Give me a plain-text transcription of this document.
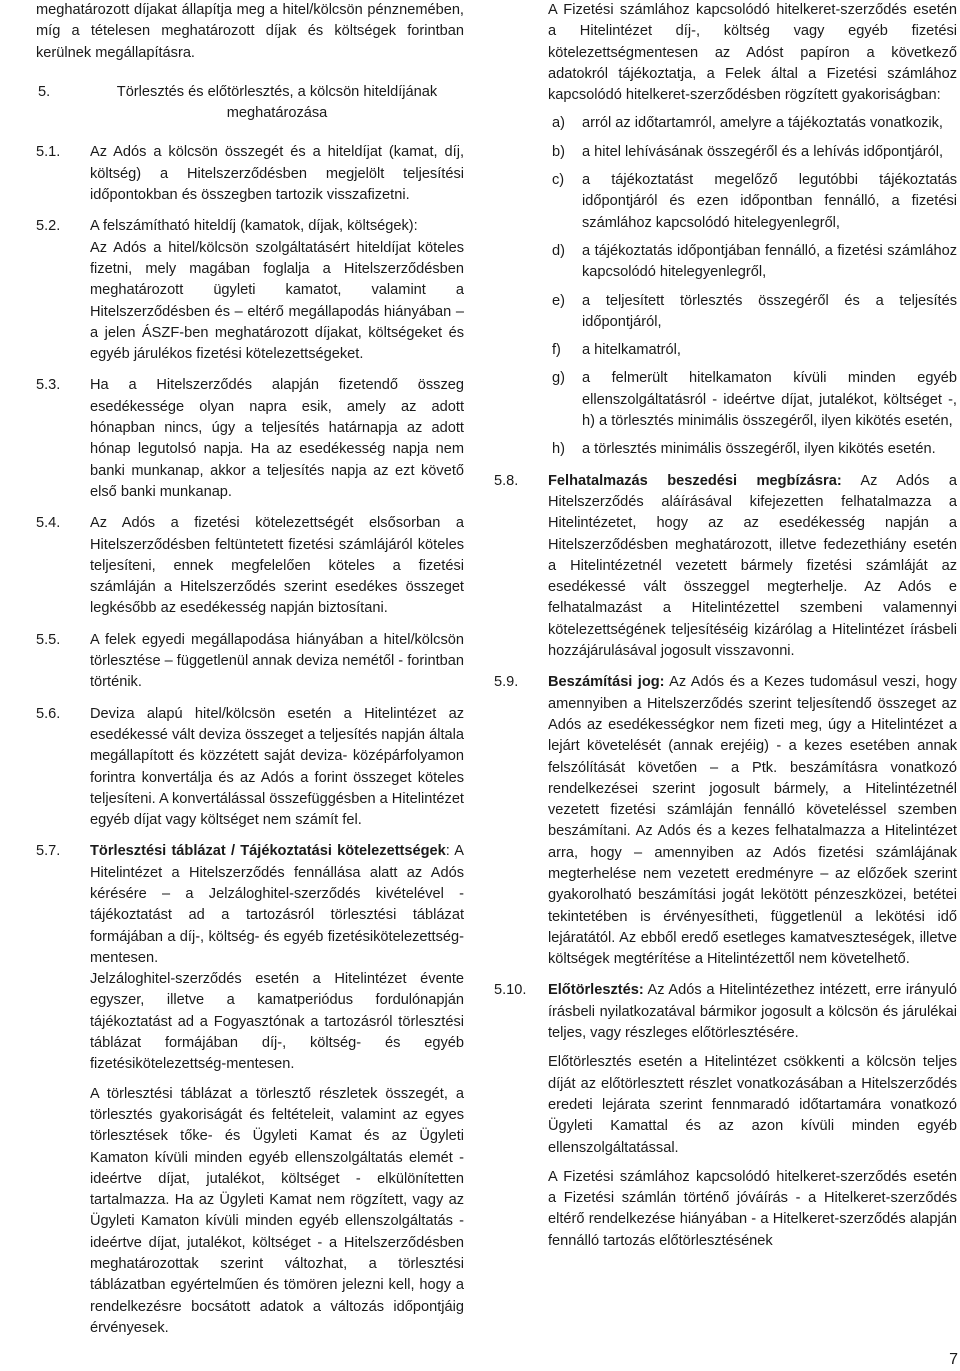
meghatározott díjakat állapítja meg a hitel/kölcsön pénznemében, míg a tételesen meghatározott díjak és költségek forintban kerülnek megállapításra.

5.	Törlesztés és előtörlesztés, a kölcsön hiteldíjának
meghatározása
5.1. Az Adós a kölcsön összegét és a hiteldíjat (kamat, díj, költség) a Hitelszerződésben megjelölt teljesítési időpontokban és összegben tartozik visszafizetni.

5.2. A felszámítható hiteldíj (kamatok, díjak, költségek):

Az Adós a hitel/kölcsön szolgáltatásért hiteldíjat köteles fizetni, mely magában foglalja a Hitelszerződésben meghatározott ügyleti kamatot, valamint a Hitelszerződésben és – eltérő megállapodás hiányában – a jelen ÁSZF-ben meghatározott díjakat, költségeket és egyéb járulékos fizetési kötelezettségeket.

5.3. Ha a Hitelszerződés alapján fizetendő összeg esedékessége olyan napra esik, amely az adott hónapban nincs, úgy a teljesítés határnapja az adott hónap legutolsó napja. Ha az esedékesség napja nem banki munkanap, akkor a teljesítés napja az ezt követő első banki munkanap.

5.4. Az Adós a fizetési kötelezettségét elsősorban a Hitelszerződésben feltüntetett fizetési számlájáról köteles teljesíteni, ennek megfelelően köteles a fizetési számláján a Hitelszerződés szerint esedékes összeget legkésőbb az esedékesség napján biztosítani.

5.5. A felek egyedi megállapodása hiányában a hitel/kölcsön törlesztése – függetlenül annak deviza nemétől - forintban történik.

5.6. Deviza alapú hitel/kölcsön esetén a Hitelintézet az esedékessé vált deviza összeget a teljesítés napján általa megállapított és közzétett saját deviza- középárfolyamon forintra konvertálja és az Adós a forint összeget köteles teljesíteni. A konvertálással összefüggésben a Hitelintézet egyéb díjat vagy költséget nem számít fel.

5.7. Törlesztési táblázat / Tájékoztatási kötelezettségek: A Hitelintézet a Hitelszerződés fennállása alatt az Adós kérésére – a Jelzáloghitel-szerződés kivételével - tájékoztatást ad a tartozásról törlesztési táblázat formájában a díj-, költség- és egyéb fizetésikötelezettség-mentesen.

Jelzáloghitel-szerződés esetén a Hitelintézet évente egyszer, illetve a kamatperiódus fordulónapján tájékoztatást ad a Fogyasztónak a tartozásról törlesztési táblázat formájában díj-, költség- és egyéb fizetésikötelezettség-mentesen.

A törlesztési táblázat a törlesztő részletek összegét, a törlesztés gyakoriságát és feltételeit, valamint az egyes törlesztések tőke- és Ügyleti Kamat és az Ügyleti Kamaton kívüli minden egyéb ellenszolgáltatás elemét - ideértve díjat, jutalékot, költséget - elkülönítetten tartalmazza. Ha az Ügyleti Kamat nem rögzített, vagy az Ügyleti Kamaton kívüli minden egyéb ellenszolgáltatás - ideértve díjat, jutalékot, költséget - a Hitelszerződésben meghatározottak szerint változhat, a törlesztési táblázatban egyértelműen és tömören jelezni kell, hogy a rendelkezésre bocsátott adatok a változás időpontjáig érvényesek.

A Fizetési számlához kapcsolódó hitelkeret-szerződés esetén a Hitelintézet díj-, költség vagy egyéb fizetési kötelezettségmentesen az Adóst papíron a következő adatokról tájékoztatja, a Felek által a Fizetési számlához kapcsolódó hitelkeret-szerződésben rögzített gyakoriságban:

a) arról az időtartamról, amelyre a tájékoztatás vonatkozik,
b) a hitel lehívásának összegéről és a lehívás időpontjáról,
c) a tájékoztatást megelőző legutóbbi tájékoztatás időpontjáról és ezen időpontban fennálló, a fizetési számlához kapcsolódó hitelegyenlegről,
d) a tájékoztatás időpontjában fennálló, a fizetési számlához kapcsolódó hitelegyenlegről,
e) a teljesített törlesztés összegéről és a teljesítés időpontjáról,
f) a hitelkamatról,
g) a felmerült hitelkamaton kívüli minden egyéb ellenszolgáltatásról - ideértve díjat, jutalékot, költséget -, h) a törlesztés minimális összegéről, ilyen kikötés esetén,
h) a törlesztés minimális összegéről, ilyen kikötés esetén.
5.8. Felhatalmazás beszedési megbízásra: Az Adós a Hitelszerződés aláírásával kifejezetten felhatalmazza a Hitelintézetet, hogy az az esedékesség napján a Hitelszerződésben meghatározott, illetve fedezethiány esetén a Hitelintézetnél vezetett bármely fizetési számláját az esedékessé vált összeggel megterhelje. Az Adós e felhatalmazást a Hitelintézettel szembeni valamennyi kötelezettségének teljesítéséig kizárólag a Hitelintézet írásbeli hozzájárulásával jogosult visszavonni.

5.9. Beszámítási jog: Az Adós és a Kezes tudomásul veszi, hogy amennyiben a Hitelszerződés szerint teljesítendő összeget az Adós az esedékességkor nem fizeti meg, úgy a Hitelintézet a lejárt követelését (annak erejéig) - a kezes esetében annak felszólítását követően – a Ptk. beszámításra vonatkozó rendelkezései szerint jogosult bármely, a Hitelintézetnél vezetett fizetési számláján fennálló követeléssel szemben beszámítani. Az Adós és a kezes felhatalmazza a Hitelintézet arra, hogy – amennyiben az Adós fizetési számlájának megterhelése nem vezetett eredményre – az előzőek szerint gyakorolható beszámítási jogát lekötött pénzeszközei, betétei tekintetében is érvényesítheti, függetlenül a lekötési idő lejáratától. Az ebből eredő esetleges kamatveszteségek, illetve költségek megtérítése a Hitelintézettől nem követelhető.

5.10. Előtörlesztés: Az Adós a Hitelintézethez intézett, erre irányuló írásbeli nyilatkozatával bármikor jogosult a kölcsön és járulékai teljes, vagy részleges előtörlesztésére.

Előtörlesztés esetén a Hitelintézet csökkenti a kölcsön teljes díját az előtörlesztett részlet vonatkozásában a Hitelszerződés eredeti lejárata szerint fennmaradó időtartamára vonatkozó Ügyleti Kamattal és az azon kívüli minden egyéb ellenszolgáltatással.

A Fizetési számlához kapcsolódó hitelkeret-szerződés esetén a Fizetési számlán történő jóváírás - a Hitelkeret-szerződés eltérő rendelkezése hiányában - a Hitelkeret-szerződés alapján fennálló tartozás előtörlesztésének

7
